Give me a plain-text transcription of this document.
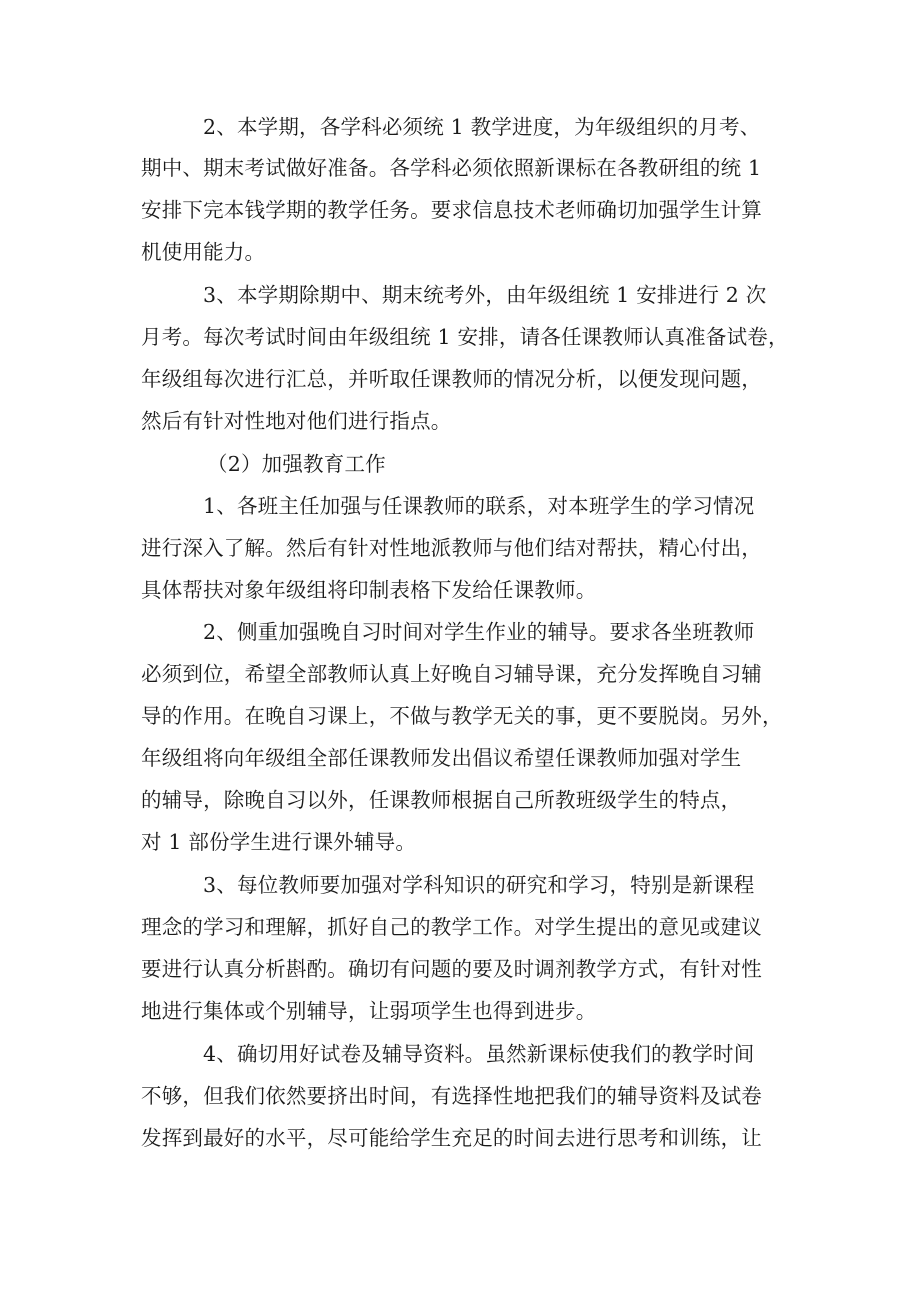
2、本学期，各学科必须统 1 教学进度，为年级组织的月考、
期中、期末考试做好准备。各学科必须依照新课标在各教研组的统 1
安排下完本钱学期的教学任务。要求信息技术老师确切加强学生计算
机使用能力。
3、本学期除期中、期末统考外，由年级组统 1 安排进行 2 次
月考。每次考试时间由年级组统 1 安排，请各任课教师认真准备试卷，
年级组每次进行汇总，并听取任课教师的情况分析，以便发现问题，
然后有针对性地对他们进行指点。
（2）加强教育工作
1、各班主任加强与任课教师的联系，对本班学生的学习情况
进行深入了解。然后有针对性地派教师与他们结对帮扶，精心付出，
具体帮扶对象年级组将印制表格下发给任课教师。
2、侧重加强晚自习时间对学生作业的辅导。要求各坐班教师
必须到位，希望全部教师认真上好晚自习辅导课，充分发挥晚自习辅
导的作用。在晚自习课上，不做与教学无关的事，更不要脱岗。另外，
年级组将向年级组全部任课教师发出倡议希望任课教师加强对学生
的辅导，除晚自习以外，任课教师根据自己所教班级学生的特点，
对 1 部份学生进行课外辅导。
3、每位教师要加强对学科知识的研究和学习，特别是新课程
理念的学习和理解，抓好自己的教学工作。对学生提出的意见或建议
要进行认真分析斟酌。确切有问题的要及时调剂教学方式，有针对性
地进行集体或个别辅导，让弱项学生也得到进步。
4、确切用好试卷及辅导资料。虽然新课标使我们的教学时间
不够，但我们依然要挤出时间，有选择性地把我们的辅导资料及试卷
发挥到最好的水平，尽可能给学生充足的时间去进行思考和训练，让
